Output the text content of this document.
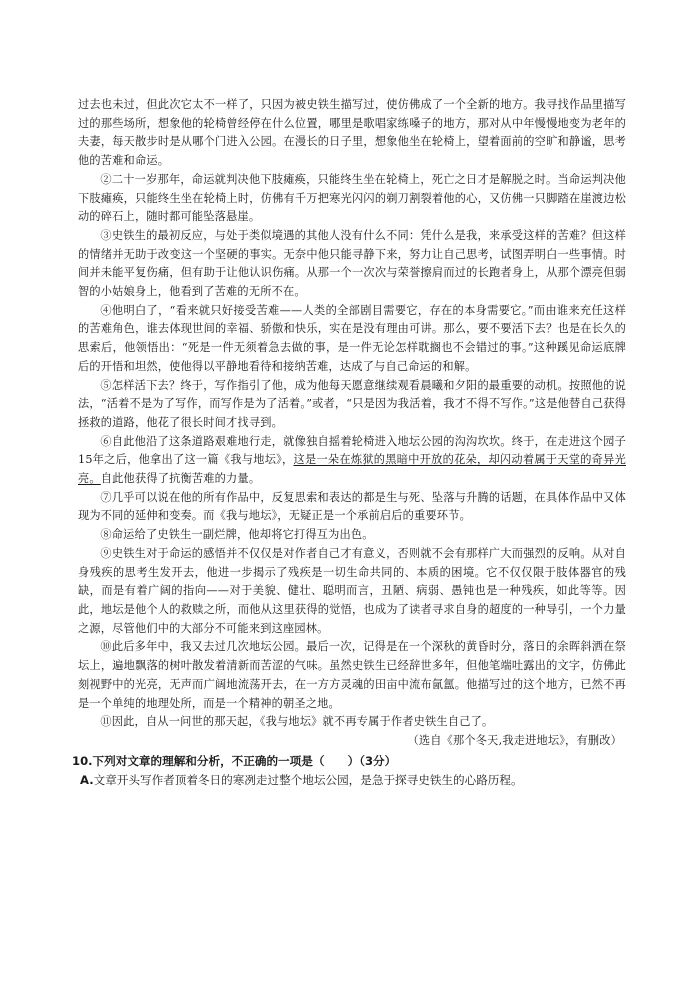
过去也未过，但此次它太不一样了，只因为被史铁生描写过，使仿佛成了一个全新的地方。我寻找作品里描写过的那些场所，想象他的轮椅曾经停在什么位置，哪里是歌唱家练嗓子的地方，那对从中年慢慢地变为老年的夫妻，每天散步时是从哪个门进入公园。在漫长的日子里，想象他坐在轮椅上，望着面前的空旷和静谧，思考他的苦难和命运。

②二十一岁那年，命运就判决他下肢瘫痪，只能终生坐在轮椅上，死亡之日才是解脱之时。当命运判决他下肢瘫痪，只能终生坐在轮椅上时，仿佛有千万把寒光闪闪的剃刀割裂着他的心，又仿佛一只脚踏在崖渡边松动的碎石上，随时都可能坠落悬崖。

③史铁生的最初反应，与处于类似境遇的其他人没有什么不同：凭什么是我，来承受这样的苦难？但这样的情绪并无助于改变这一个坚硬的事实。无奈中他只能寻静下来，努力让自己思考，试图弄明白一些事情。时间并未能平复伤痛，但有助于让他认识伤痛。从那一个一次次与荣誉擦肩而过的长跑者身上，从那个漂亮但弱智的小姑娘身上，他看到了苦难的无所不在。

④他明白了，“看来就只好接受苦难——人类的全部剧目需要它，存在的本身需要它。”而由谁来充任这样的苦难角色，谁去体现世间的幸福、骄傲和快乐，实在是没有理由可讲。那么，要不要活下去？也是在长久的思索后，他领悟出：“死是一件无须着急去做的事，是一件无论怎样耽搁也不会错过的事。”这种蹊见命运底牌后的开悟和坦然，使他得以平静地看待和接纳苦难，达成了与自己命运的和解。

⑤怎样活下去？终于，写作指引了他，成为他每天愿意继续观看晨曦和夕阳的最重要的动机。按照他的说法，“活着不是为了写作，而写作是为了活着。”或者，“只是因为我活着，我才不得不写作。”这是他替自己获得拯救的道路，他花了很长时间才找寻到。

⑥自此他沿了这条道路艰难地行走，就像独自摇着轮椅进入地坛公园的沟沟坎坎。终于，在走进这个园子15年之后，他拿出了这一篇《我与地坛》，这是一朵在炼狱的黑暗中开放的花朵，却闪动着属于天堂的奇异光亮。自此他获得了抗衡苦难的力量。

⑦几乎可以说在他的所有作品中，反复思索和表达的都是生与死、坠落与升腾的话题，在具体作品中又体现为不同的延伸和变奏。而《我与地坛》，无疑正是一个承前启后的重要环节。

⑧命运给了史铁生一副烂牌，他却将它打得互为出色。

⑨史铁生对于命运的感悟并不仅仅是对作者自己才有意义，否则就不会有那样广大而强烈的反响。从对自身残疾的思考生发开去，他进一步揭示了残疾是一切生命共同的、本质的困境。它不仅仅限于肢体器官的残缺，而是有着广阔的指向——对于美貌、健壮、聪明而言，丑陋、病弱、愚钝也是一种残疾，如此等等。因此，地坛是他个人的救赎之所，而他从这里获得的觉悟，也成为了读者寻求自身的超度的一种导引，一个力量之源，尽管他们中的大部分不可能来到这座园林。

⑩此后多年中，我又去过几次地坛公园。最后一次，记得是在一个深秋的黄昏时分，落日的余晖斜洒在祭坛上，遍地飘落的树叶散发着清新而苦涩的气味。虽然史铁生已经辞世多年，但他笔端吐露出的文字，仿佛此刻视野中的光亮，无声而广阔地流荡开去，在一方方灵魂的田亩中流布氤氲。他描写过的这个地方，已然不再是一个单纯的地理处所，而是一个精神的朝圣之地。

⑪因此，自从一问世的那天起，《我与地坛》就不再专属于作者史铁生自己了。

（选自《那个冬天,我走进地坛》，有删改）

10.下列对文章的理解和分析，不正确的一项是（　　）（3分）
A.文章开头写作者顶着冬日的寒冽走过整个地坛公园，是急于探寻史铁生的心路历程。
